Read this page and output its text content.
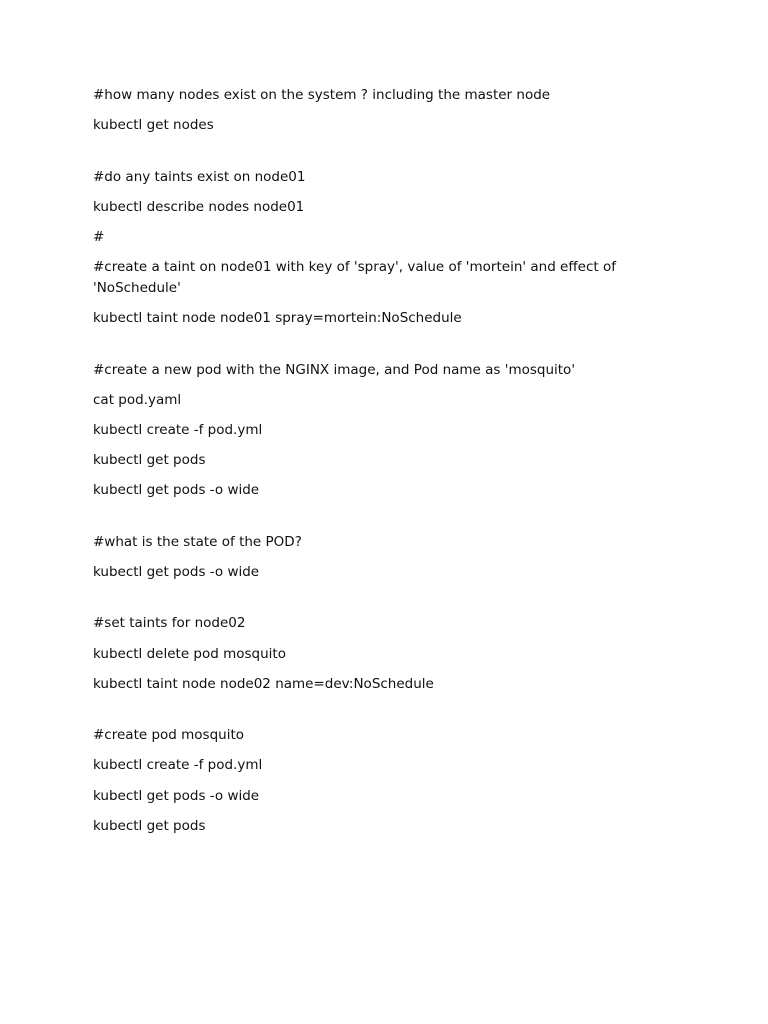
#how many nodes exist on the system ? including the master node

kubectl get nodes

#do any taints exist on node01

kubectl describe nodes node01

#

#create a taint on node01 with key of 'spray', value of 'mortein' and effect of 'NoSchedule'

kubectl taint node node01 spray=mortein:NoSchedule

#create a new pod with the NGINX image, and Pod name as 'mosquito'

cat pod.yaml

kubectl create -f pod.yml

kubectl get pods

kubectl get pods -o wide

#what is the state of the POD?

kubectl get pods -o wide

#set taints for node02

kubectl delete pod mosquito

kubectl taint node node02 name=dev:NoSchedule

#create pod mosquito

kubectl create -f pod.yml

kubectl get pods -o wide

kubectl get pods
